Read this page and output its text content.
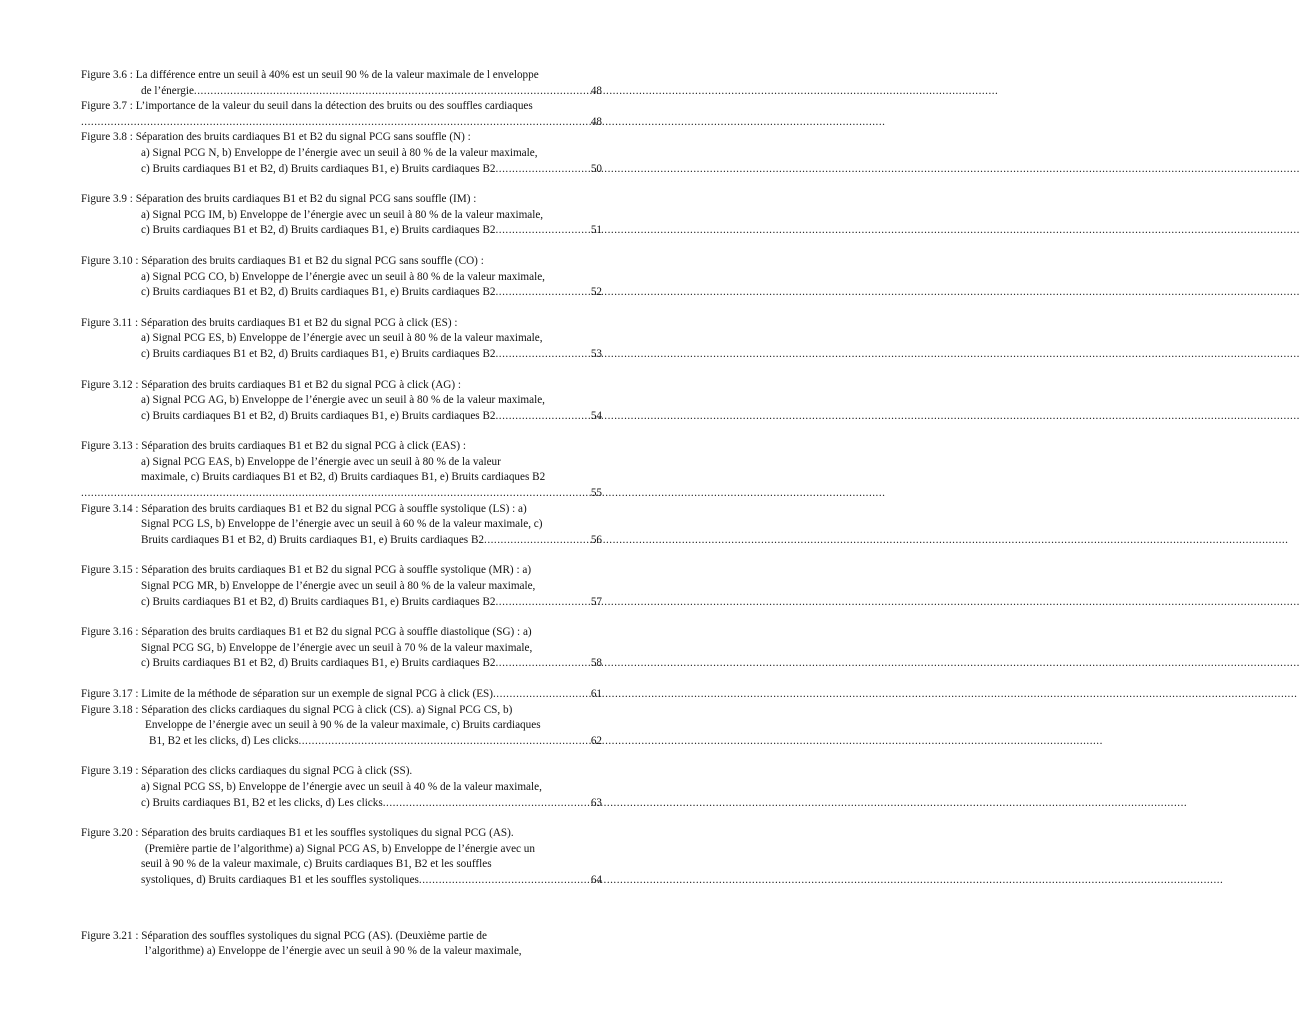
Figure 3.6 :
La différence entre un seuil à 40% est un seuil 90 % de la valeur maximale de l enveloppe
de l’énergie .....	48
Figure 3.7 :
L’importance de la valeur du seuil dans la détection des bruits ou des souffles cardiaques
.....
48
Figure 3.8 :
Séparation des bruits cardiaques B1 et B2 du signal PCG sans souffle (N) :
a) Signal PCG N, b) Enveloppe de l’énergie avec un seuil à 80 % de la valeur maximale,
c) Bruits cardiaques B1 et B2, d) Bruits cardiaques B1, e) Bruits cardiaques B2 .....	50
Figure 3.9 :
Séparation des bruits cardiaques B1 et B2 du signal PCG sans souffle (IM) :
a) Signal PCG IM, b) Enveloppe de l’énergie avec un seuil à 80 % de la valeur maximale,
c) Bruits cardiaques B1 et B2, d) Bruits cardiaques B1, e) Bruits cardiaques B2 .....	51
Figure 3.10 :
Séparation des bruits cardiaques B1 et B2 du signal PCG sans souffle (CO) :
a) Signal PCG CO, b) Enveloppe de l’énergie avec un seuil à 80 % de la valeur maximale,
c) Bruits cardiaques B1 et B2, d) Bruits cardiaques B1, e) Bruits cardiaques B2 .....	52
Figure 3.11 :
Séparation des bruits cardiaques B1 et B2 du signal PCG à click (ES) :
a) Signal PCG ES, b) Enveloppe de l’énergie avec un seuil à 80 % de la valeur maximale,
c) Bruits cardiaques B1 et B2, d) Bruits cardiaques B1, e) Bruits cardiaques B2 .....	53
Figure 3.12 :
Séparation des bruits cardiaques B1 et B2 du signal PCG à click (AG) :
a) Signal PCG AG, b) Enveloppe de l’énergie avec un seuil à 80 % de la valeur maximale,
c) Bruits cardiaques B1 et B2, d) Bruits cardiaques B1, e) Bruits cardiaques B2 .....	54
Figure 3.13 :
Séparation des bruits cardiaques B1 et B2 du signal PCG à click (EAS) :
a) Signal PCG EAS, b) Enveloppe de l’énergie avec un seuil à 80 % de la valeur
maximale, c) Bruits cardiaques B1 et B2, d) Bruits cardiaques B1, e) Bruits cardiaques B2
.....
55
Figure 3.14 :
Séparation des bruits cardiaques B1 et B2 du signal PCG à souffle systolique (LS) : a)
Signal PCG LS, b) Enveloppe de l’énergie avec un seuil à 60 % de la valeur maximale, c)
Bruits cardiaques B1 et B2, d) Bruits cardiaques B1, e) Bruits cardiaques B2 .....	56
Figure 3.15 :
Séparation des bruits cardiaques B1 et B2 du signal PCG à souffle systolique (MR) : a)
Signal PCG MR, b) Enveloppe de l’énergie avec un seuil à 80 % de la valeur maximale,
c) Bruits cardiaques B1 et B2, d) Bruits cardiaques B1, e) Bruits cardiaques B2 .....	57
Figure 3.16 :
Séparation des bruits cardiaques B1 et B2 du signal PCG à souffle diastolique (SG) : a)
Signal PCG SG, b) Enveloppe de l’énergie avec un seuil à 70 % de la valeur maximale,
c) Bruits cardiaques B1 et B2, d) Bruits cardiaques B1, e) Bruits cardiaques B2 .....	58
Figure 3.17 :
Limite de la méthode de séparation sur un exemple de signal PCG à click (ES) .....	61
Figure 3.18 :
Séparation des clicks cardiaques du signal PCG à click (CS). a) Signal PCG CS, b)
Enveloppe de l’énergie avec un seuil à 90 % de la valeur maximale, c) Bruits cardiaques
B1, B2 et les clicks, d) Les clicks .....	62
Figure 3.19 :
Séparation des clicks cardiaques du signal PCG à click (SS).
a) Signal PCG SS, b) Enveloppe de l’énergie avec un seuil à 40 % de la valeur maximale,
c) Bruits cardiaques B1, B2 et les clicks, d) Les clicks .....	63
Figure 3.20 :
Séparation des bruits cardiaques B1 et les souffles systoliques du signal PCG (AS).
(Première partie de l’algorithme) a) Signal PCG AS, b) Enveloppe de l’énergie avec un
seuil à 90 % de la valeur maximale, c) Bruits cardiaques B1, B2 et les souffles
systoliques, d) Bruits cardiaques B1 et les souffles systoliques .....	64
Figure 3.21 :
Séparation des souffles systoliques du signal PCG (AS). (Deuxième partie de
l’algorithme) a) Enveloppe de l’énergie avec un seuil à 90 % de la valeur maximale,
